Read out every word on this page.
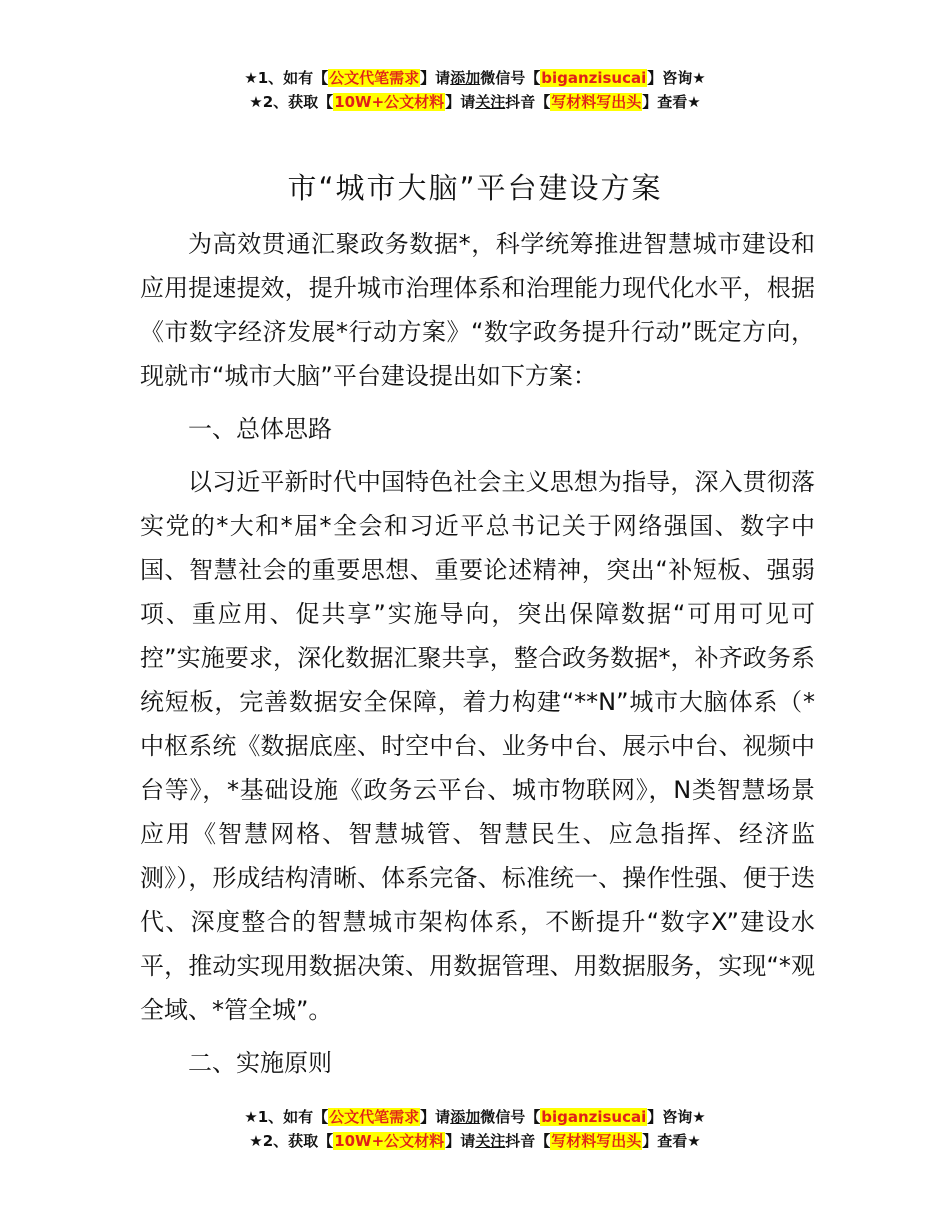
★1、如有【公文代笔需求】请添加微信号【biganzisucai】咨询★
★2、获取【10W+公文材料】请关注抖音【写材料写出头】查看★
市“城市大脑”平台建设方案

为高效贯通汇聚政务数据*，科学统筹推进智慧城市建设和应用提速提效，提升城市治理体系和治理能力现代化水平，根据《市数字经济发展*行动方案》“数字政务提升行动”既定方向，现就市“城市大脑”平台建设提出如下方案：

一、总体思路

以习近平新时代中国特色社会主义思想为指导，深入贯彻落实党的*大和*届*全会和习近平总书记关于网络强国、数字中国、智慧社会的重要思想、重要论述精神，突出“补短板、强弱项、重应用、促共享”实施导向，突出保障数据“可用可见可控”实施要求，深化数据汇聚共享，整合政务数据*，补齐政务系统短板，完善数据安全保障，着力构建“**N”城市大脑体系（*中枢系统《数据底座、时空中台、业务中台、展示中台、视频中台等》，*基础设施《政务云平台、城市物联网》，N类智慧场景应用《智慧网格、智慧城管、智慧民生、应急指挥、经济监测》），形成结构清晰、体系完备、标准统一、操作性强、便于迭代、深度整合的智慧城市架构体系，不断提升“数字X”建设水平，推动实现用数据决策、用数据管理、用数据服务，实现“*观全域、*管全城”。

二、实施原则

★1、如有【公文代笔需求】请添加微信号【biganzisucai】咨询★
★2、获取【10W+公文材料】请关注抖音【写材料写出头】查看★
